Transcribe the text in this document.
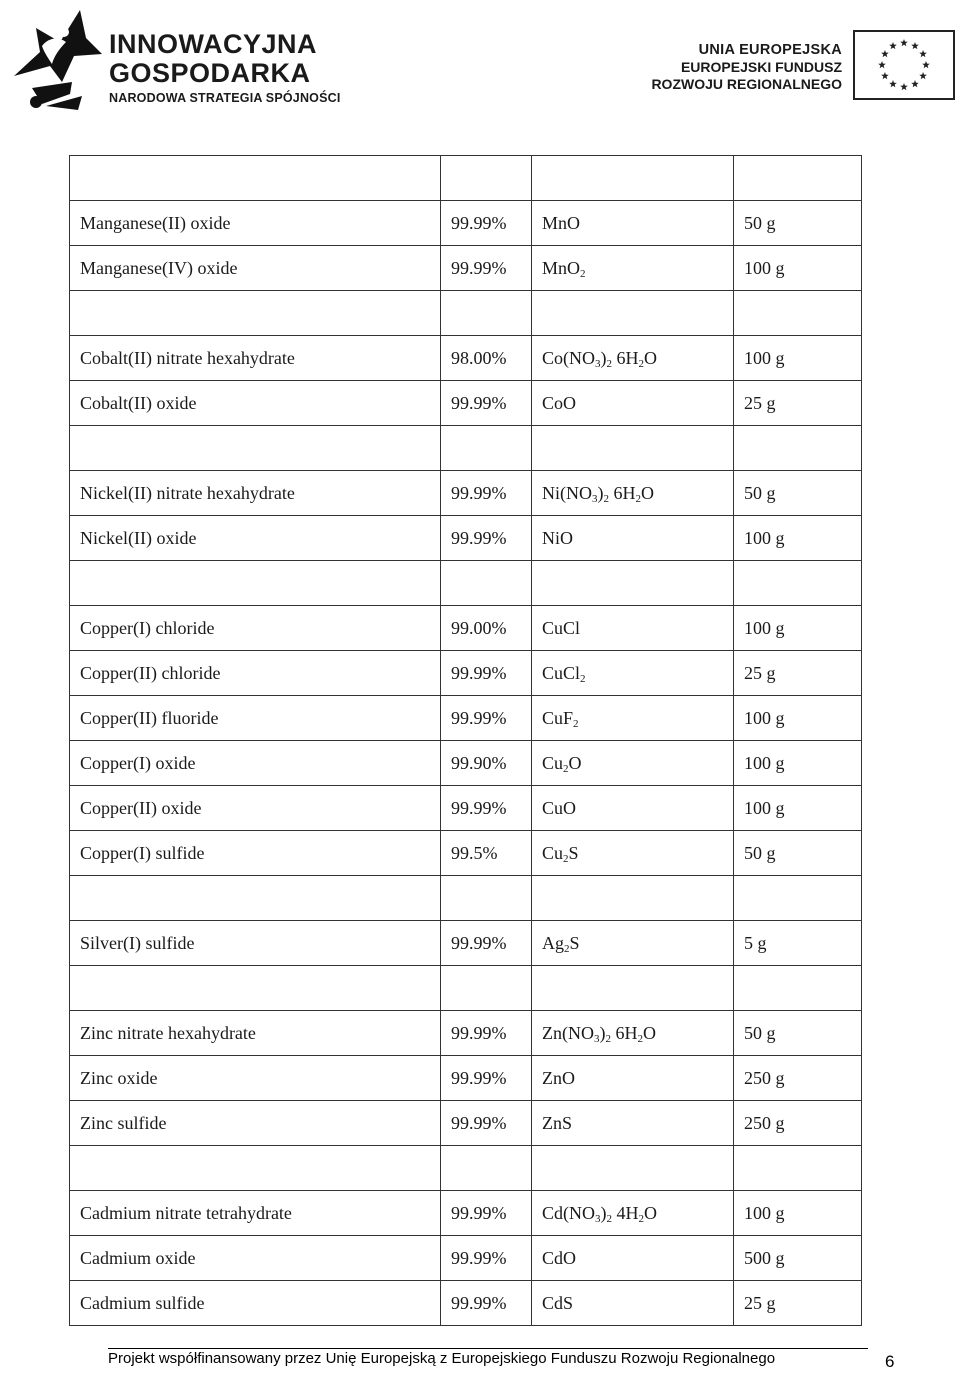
INNOWACYJNA
GOSPODARKA
NARODOWA STRATEGIA SPÓJNOŚCI
UNIA EUROPEJSKA
EUROPEJSKI FUNDUSZ
ROZWOJU REGIONALNEGO

Manganese(II) oxide	99.99%	MnO	50 g
Manganese(IV) oxide	99.99%	MnO$_2$	100 g

Cobalt(II) nitrate hexahydrate	98.00%	$Co(NO_3)_2$ $6H_2O$	100 g
Cobalt(II) oxide	99.99%	CoO	25 g

Nickel(II) nitrate hexahydrate	99.99%	$Ni(NO_3)_2$ $6H_2O$	50 g
Nickel(II) oxide	99.99%	NiO	100 g

Copper(I) chloride	99.00%	CuCl	100 g
Copper(II) chloride	99.99%	CuCl$_2$	25 g
Copper(II) fluoride	99.99%	CuF$_2$	100 g
Copper(I) oxide	99.90%	$Cu_2O$	100 g
Copper(II) oxide	99.99%	CuO	100 g
Copper(I) sulfide	99.5%	$Cu_2S$	50 g

Silver(I) sulfide	99.99%	$Ag_2S$	5 g

Zinc nitrate hexahydrate	99.99%	$Zn(NO_3)_2$ $6H_2O$	50 g
Zinc oxide	99.99%	ZnO	250 g
Zinc sulfide	99.99%	ZnS	250 g

Cadmium nitrate tetrahydrate	99.99%	$Cd(NO_3)_2$ $4H_2O$	100 g
Cadmium oxide	99.99%	CdO	500 g
Cadmium sulfide	99.99%	CdS	25 g
Projekt współfinansowany przez Unię Europejską z Europejskiego Funduszu Rozwoju Regionalnego	6
